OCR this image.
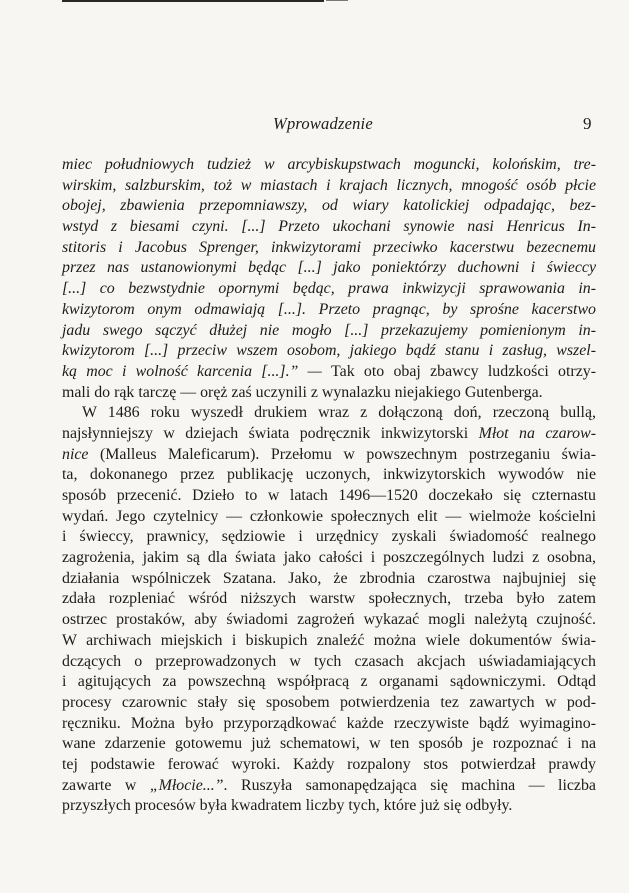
Wprowadzenie	9
miec południowych tudzież w arcybiskupstwach moguncki, kolońskim, tre-
wirskim, salzburskim, toż w miastach i krajach licznych, mnogość osób płcie
obojej, zbawienia przepomniawszy, od wiary katolickiej odpadając, bez-
wstyd z biesami czyni. [...] Przeto ukochani synowie nasi Henricus In-
stitoris i Jacobus Sprenger, inkwizytorami przeciwko kacerstwu bezecnemu
przez nas ustanowionymi będąc [...] jako poniektórzy duchowni i świeccy
[...] co bezwstydnie opornymi będąc, prawa inkwizycji sprawowania in-
kwizytorom onym odmawiają [...]. Przeto pragnąc, by sprośne kacerstwo
jadu swego sączyć dłużej nie mogło [...] przekazujemy pomienionym in-
kwizytorom [...] przeciw wszem osobom, jakiego bądź stanu i zasług, wszel-
ką moc i wolność karcenia [...].” — Tak oto obaj zbawcy ludzkości otrzy-
mali do rąk tarczę — oręż zaś uczynili z wynalazku niejakiego Gutenberga.
W 1486 roku wyszedł drukiem wraz z dołączoną doń, rzeczoną bullą,
najsłynniejszy w dziejach świata podręcznik inkwizytorski Młot na czarow-
nice (Malleus Maleficarum). Przełomu w powszechnym postrzeganiu świa-
ta, dokonanego przez publikację uczonych, inkwizytorskich wywodów nie
sposób przecenić. Dzieło to w latach 1496—1520 doczekało się czternastu
wydań. Jego czytelnicy — członkowie społecznych elit — wielmoże kościelni
i świeccy, prawnicy, sędziowie i urzędnicy zyskali świadomość realnego
zagrożenia, jakim są dla świata jako całości i poszczególnych ludzi z osobna,
działania wspólniczek Szatana. Jako, że zbrodnia czarostwa najbujniej się
zdała rozpleniać wśród niższych warstw społecznych, trzeba było zatem
ostrzec prostaków, aby świadomi zagrożeń wykazać mogli należytą czujność.
W archiwach miejskich i biskupich znaleźć można wiele dokumentów świa-
dczących o przeprowadzonych w tych czasach akcjach uświadamiających
i agitujących za powszechną współpracą z organami sądowniczymi. Odtąd
procesy czarownic stały się sposobem potwierdzenia tez zawartych w pod-
ręczniku. Można było przyporządkować każde rzeczywiste bądź wyimagino-
wane zdarzenie gotowemu już schematowi, w ten sposób je rozpoznać i na
tej podstawie ferować wyroki. Każdy rozpalony stos potwierdzał prawdy
zawarte w „Młocie...”. Ruszyła samonapędzająca się machina — liczba
przyszłych procesów była kwadratem liczby tych, które już się odbyły.
